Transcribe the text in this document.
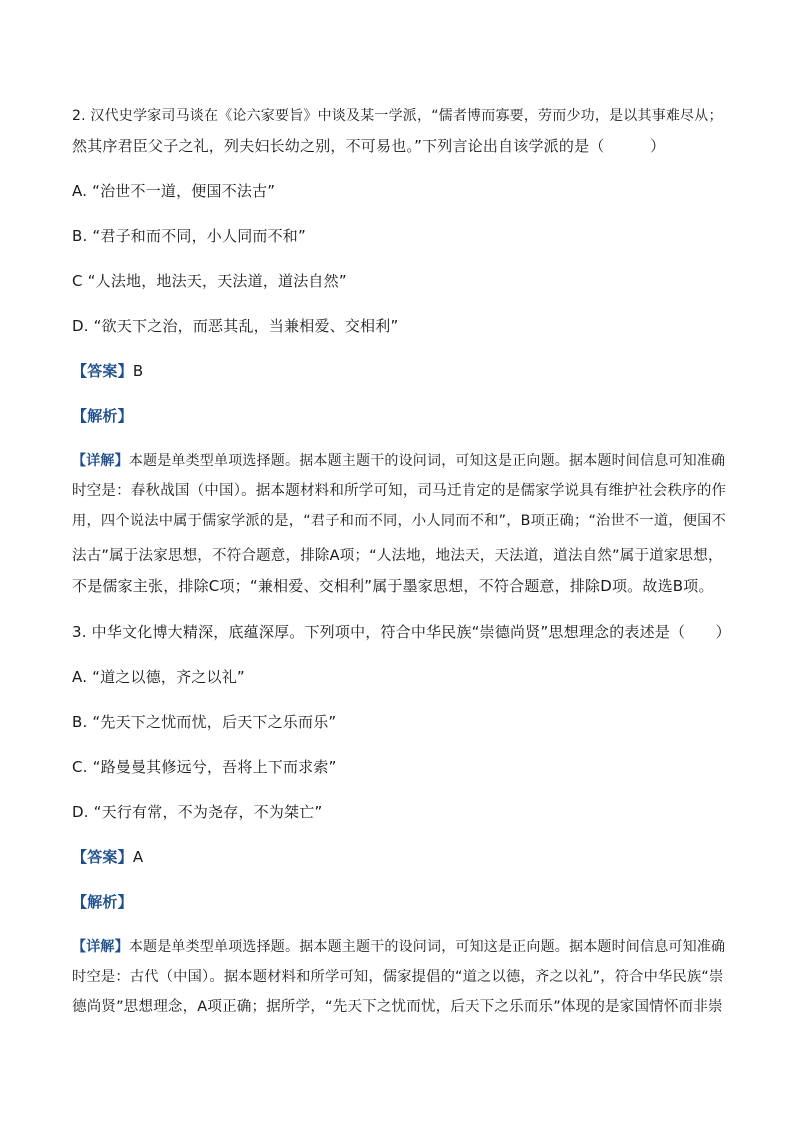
2. 汉代史学家司马谈在《论六家要旨》中谈及某一学派，“儒者博而寡要，劳而少功，是以其事难尽从；
然其序君臣父子之礼，列夫妇长幼之别，不可易也。”下列言论出自该学派的是（　　　）
A. “治世不一道，便国不法古”
B. “君子和而不同，小人同而不和”
C “人法地，地法天，天法道，道法自然”
D. “欲天下之治，而恶其乱，当兼相爱、交相利”
【答案】B
【解析】
【详解】本题是单类型单项选择题。据本题主题干的设问词，可知这是正向题。据本题时间信息可知准确
时空是：春秋战国（中国）。据本题材料和所学可知，司马迁肯定的是儒家学说具有维护社会秩序的作
用，四个说法中属于儒家学派的是，“君子和而不同，小人同而不和”，B项正确；“治世不一道，便国不
法古”属于法家思想，不符合题意，排除A项；“人法地，地法天，天法道，道法自然”属于道家思想，
不是儒家主张，排除C项；“兼相爱、交相利”属于墨家思想，不符合题意，排除D项。故选B项。
3. 中华文化博大精深，底蕴深厚。下列项中，符合中华民族“崇德尚贤”思想理念的表述是（　　）
A. “道之以德，齐之以礼”
B. “先天下之忧而忧，后天下之乐而乐”
C. “路曼曼其修远兮，吾将上下而求索”
D. “天行有常，不为尧存，不为桀亡”
【答案】A
【解析】
【详解】本题是单类型单项选择题。据本题主题干的设问词，可知这是正向题。据本题时间信息可知准确
时空是：古代（中国）。据本题材料和所学可知，儒家提倡的“道之以德，齐之以礼”，符合中华民族“崇
德尚贤”思想理念，A项正确；据所学，“先天下之忧而忧，后天下之乐而乐”体现的是家国情怀而非崇
